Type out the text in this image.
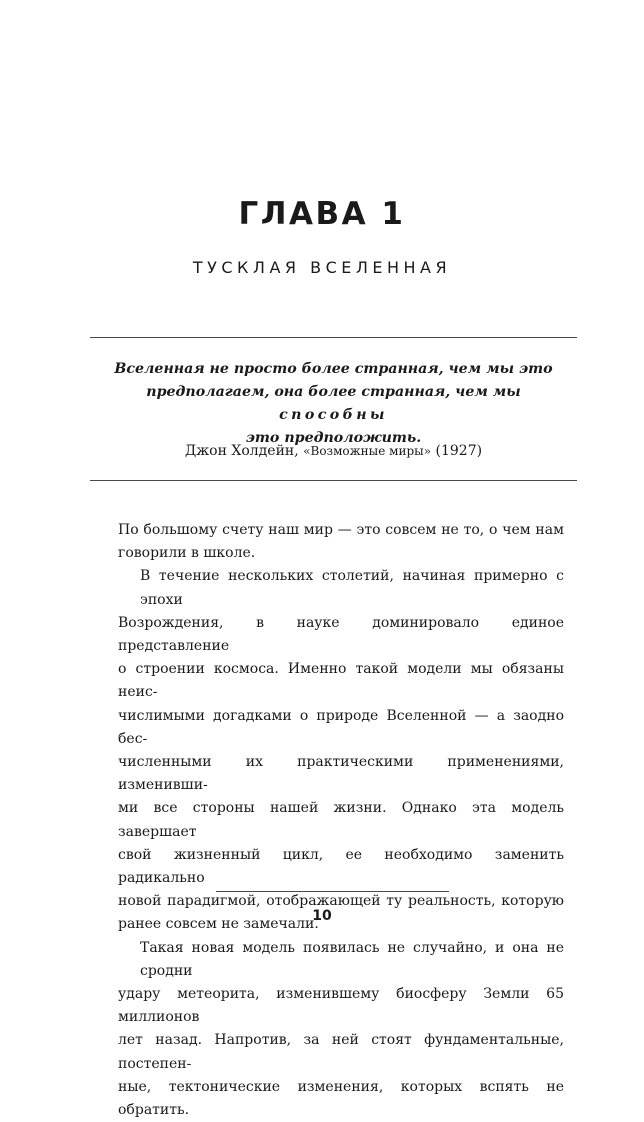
ГЛАВА 1
ТУСКЛАЯ ВСЕЛЕННАЯ
Вселенная не просто более странная, чем мы это
предполагаем, она более странная, чем мы способны
это предположить.
Джон Холдейн, «Возможные миры» (1927)
По большому счету наш мир — это совсем не то, о чем нам
говорили в школе.
В течение нескольких столетий, начиная примерно с эпохи
Возрождения, в науке доминировало единое представление
о строении космоса. Именно такой модели мы обязаны неис-
числимыми догадками о природе Вселенной — а заодно бес-
численными их практическими применениями, изменивши-
ми все стороны нашей жизни. Однако эта модель завершает
свой жизненный цикл, ее необходимо заменить радикально
новой парадигмой, отображающей ту реальность, которую
ранее совсем не замечали.
Такая новая модель появилась не случайно, и она не сродни
удару метеорита, изменившему биосферу Земли 65 миллионов
лет назад. Напротив, за ней стоят фундаментальные, постепен-
ные, тектонические изменения, которых вспять не обратить.
10
